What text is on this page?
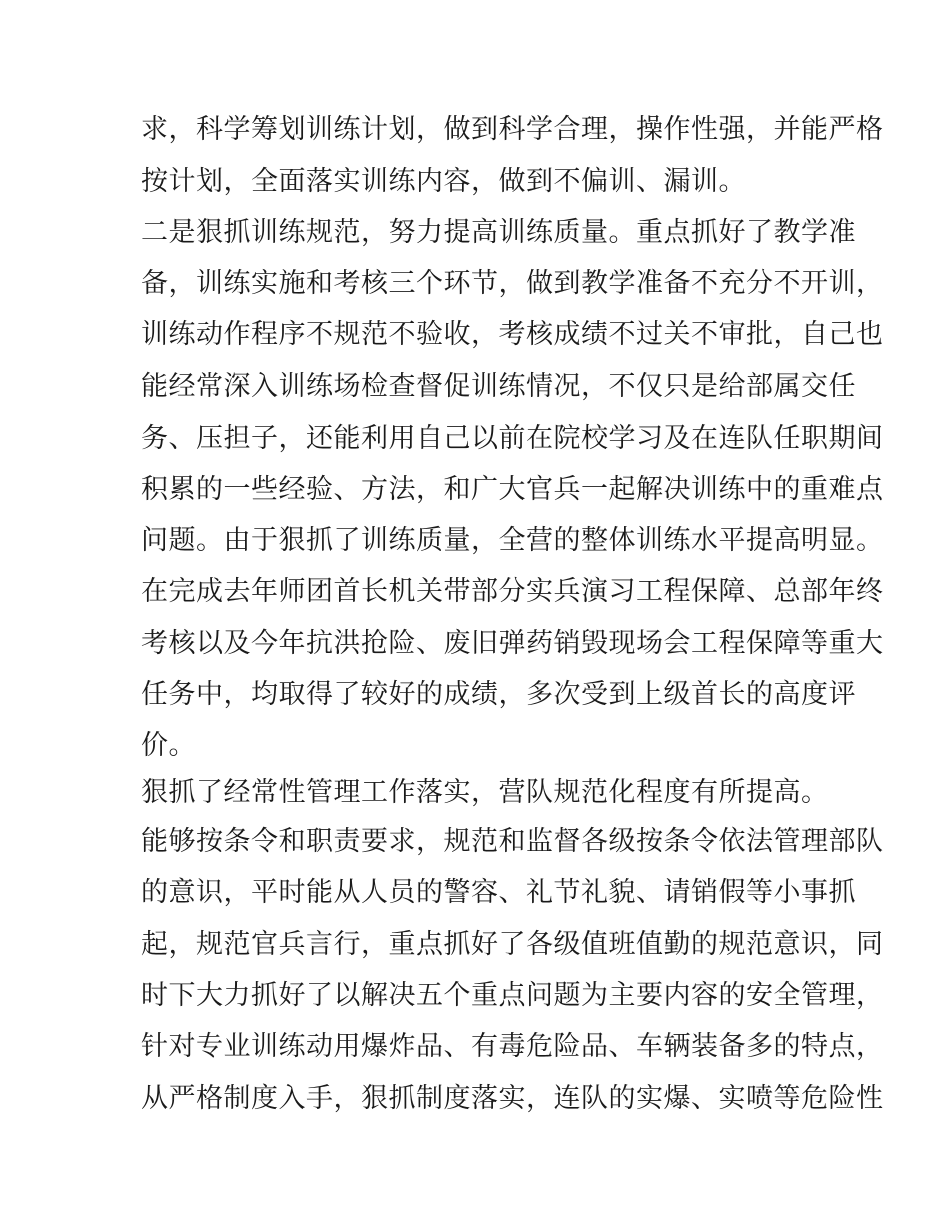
求，科学筹划训练计划，做到科学合理，操作性强，并能严格
按计划，全面落实训练内容，做到不偏训、漏训。
二是狠抓训练规范，努力提高训练质量。重点抓好了教学准
备，训练实施和考核三个环节，做到教学准备不充分不开训，
训练动作程序不规范不验收，考核成绩不过关不审批，自己也
能经常深入训练场检查督促训练情况，不仅只是给部属交任
务、压担子，还能利用自己以前在院校学习及在连队任职期间
积累的一些经验、方法，和广大官兵一起解决训练中的重难点
问题。由于狠抓了训练质量，全营的整体训练水平提高明显。
在完成去年师团首长机关带部分实兵演习工程保障、总部年终
考核以及今年抗洪抢险、废旧弹药销毁现场会工程保障等重大
任务中，均取得了较好的成绩，多次受到上级首长的高度评
价。
狠抓了经常性管理工作落实，营队规范化程度有所提高。
能够按条令和职责要求，规范和监督各级按条令依法管理部队
的意识，平时能从人员的警容、礼节礼貌、请销假等小事抓
起，规范官兵言行，重点抓好了各级值班值勤的规范意识，同
时下大力抓好了以解决五个重点问题为主要内容的安全管理，
针对专业训练动用爆炸品、有毒危险品、车辆装备多的特点，
从严格制度入手，狠抓制度落实，连队的实爆、实喷等危险性
